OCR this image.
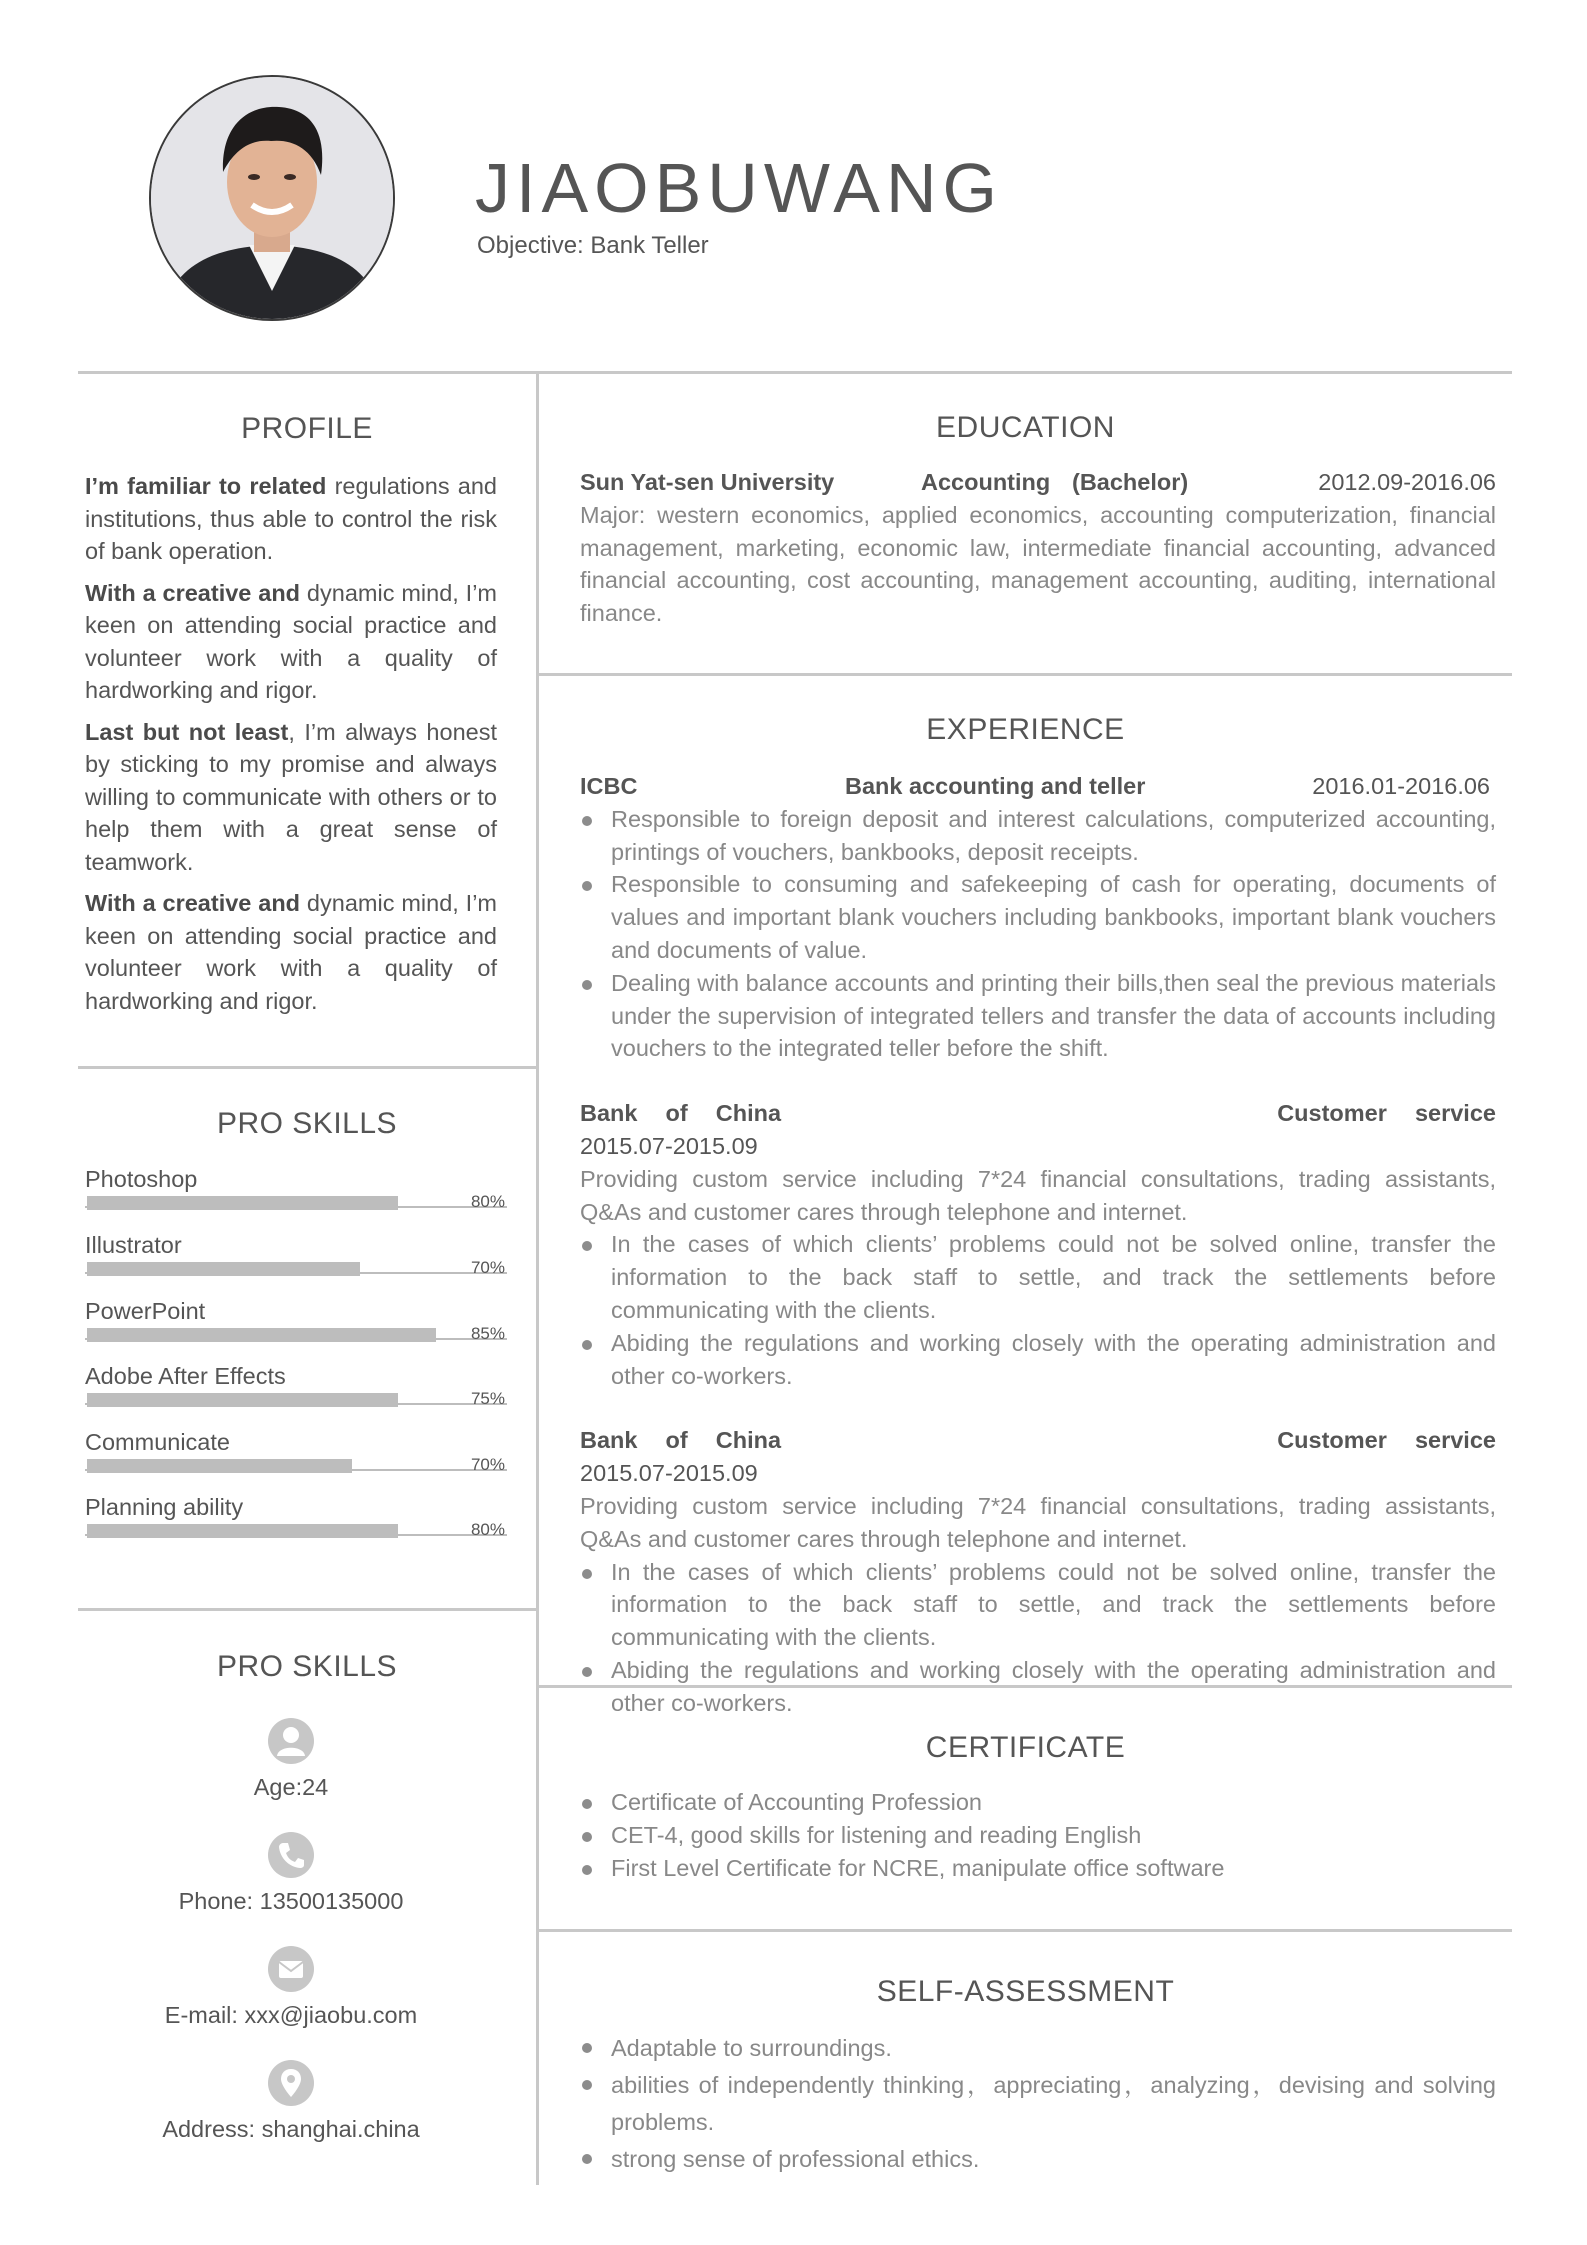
JIAOBUWANG
Objective: Bank Teller
PROFILE

I’m familiar to related regulations and institutions, thus able to control the risk of bank operation.

With a creative and dynamic mind, I’m keen on attending social practice and volunteer work with a quality of hardworking and rigor.

Last but not least, I’m always honest by sticking to my promise and always willing to communicate with others or to help them with a great sense of teamwork.

With a creative and dynamic mind, I’m keen on attending social practice and volunteer work with a quality of hardworking and rigor.

PRO SKILLS
Photoshop
80%
Illustrator
70%
PowerPoint
85%
Adobe After Effects
75%
Communicate
70%
Planning ability
80%
PRO SKILLS
Age:24
Phone: 13500135000
E-mail: xxx@jiaobu.com
Address: shanghai.china
EDUCATION
Sun Yat-sen University	Accounting (Bachelor)	2012.09-2016.06
Major: western economics, applied economics, accounting computerization, financial management, marketing, economic law, intermediate financial accounting, advanced financial accounting, cost accounting, management accounting, auditing, international finance.
EXPERIENCE
ICBC	Bank accounting and teller	2016.01-2016.06
Responsible to foreign deposit and interest calculations, computerized accounting, printings of vouchers, bankbooks, deposit receipts.
Responsible to consuming and safekeeping of cash for operating, documents of values and important blank vouchers including bankbooks, important blank vouchers and documents of value.
Dealing with balance accounts and printing their bills,then seal the previous materials under the supervision of integrated tellers and transfer the data of accounts including vouchers to the integrated teller before the shift.
Bank of China	Customer service
2015.07-2015.09
Providing custom service including 7*24 financial consultations, trading assistants, Q&As and customer cares through telephone and internet.
In the cases of which clients’ problems could not be solved online, transfer the information to the back staff to settle, and track the settlements before communicating with the clients.
Abiding the regulations and working closely with the operating administration and other co-workers.
Bank of China	Customer service
2015.07-2015.09
Providing custom service including 7*24 financial consultations, trading assistants, Q&As and customer cares through telephone and internet.
In the cases of which clients’ problems could not be solved online, transfer the information to the back staff to settle, and track the settlements before communicating with the clients.
Abiding the regulations and working closely with the operating administration and other co-workers.
CERTIFICATE
Certificate of Accounting Profession
CET-4, good skills for listening and reading English
First Level Certificate for NCRE, manipulate office software
SELF-ASSESSMENT
Adaptable to surroundings.
abilities of independently thinking，appreciating，analyzing，devising and solving problems.
strong sense of professional ethics.
